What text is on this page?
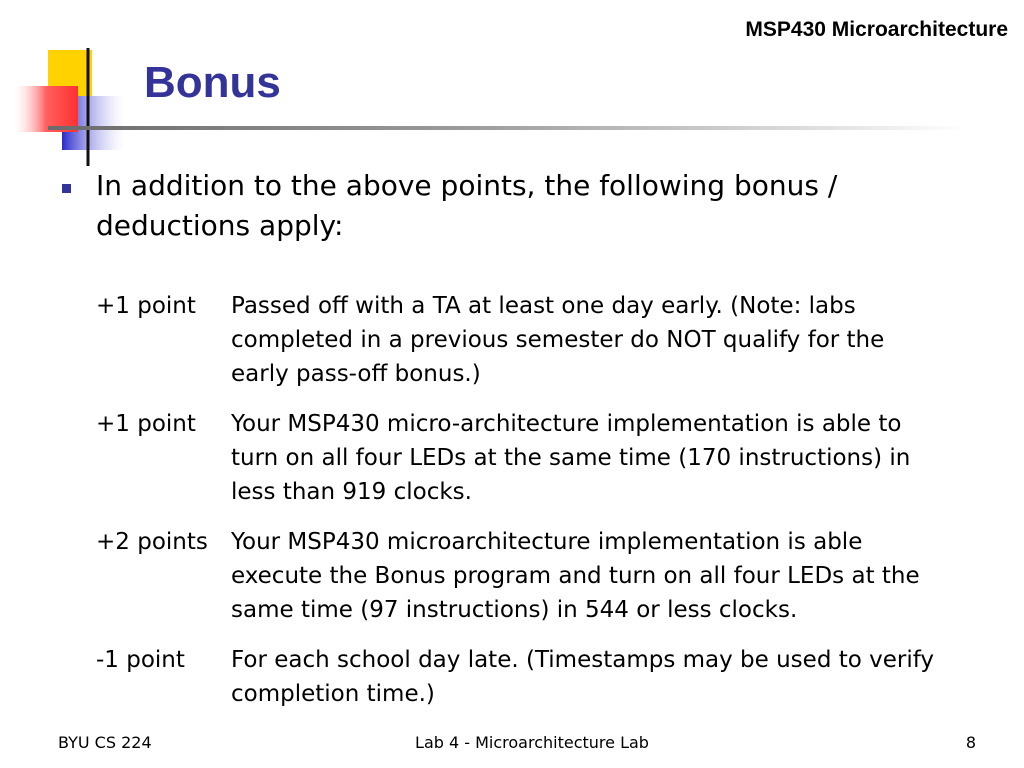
MSP430 Microarchitecture
Bonus
In addition to the above points, the following bonus / deductions apply:
+1 point	Passed off with a TA at least one day early. (Note: labs completed in a previous semester do NOT qualify for the early pass-off bonus.)
+1 point	Your MSP430 micro-architecture implementation is able to turn on all four LEDs at the same time (170 instructions) in less than 919 clocks.
+2 points	Your MSP430 microarchitecture implementation is able execute the Bonus program and turn on all four LEDs at the same time (97 instructions) in 544 or less clocks.
-1 point	For each school day late. (Timestamps may be used to verify completion time.)
BYU CS 224	Lab 4 - Microarchitecture Lab	8
